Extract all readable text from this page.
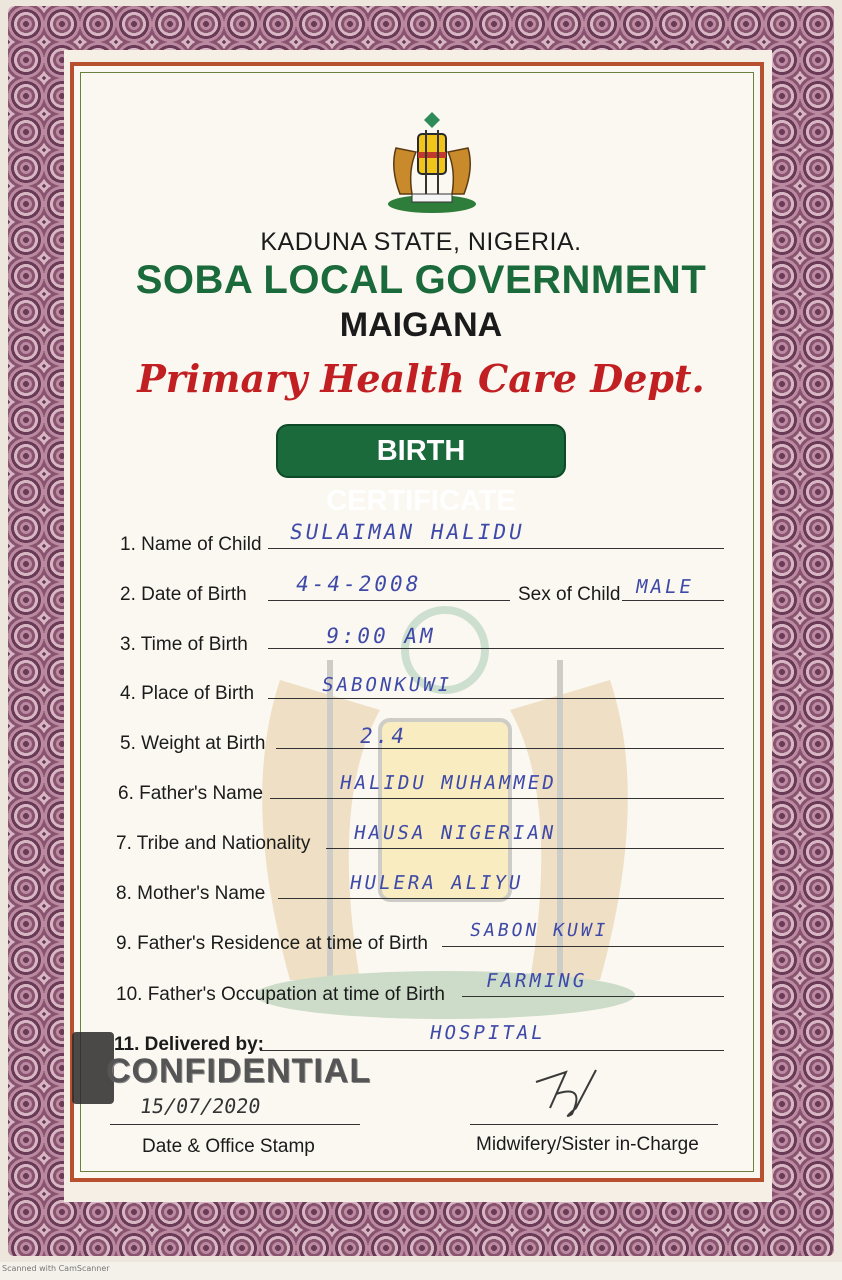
KADUNA STATE, NIGERIA.
SOBA LOCAL GOVERNMENT
MAIGANA
Primary Health Care Dept.
BIRTH CERTIFICATE
1. Name of Child
SULAIMAN HALIDU
2. Date of Birth 4-4-2008	Sex of Child MALE
3. Time of Birth	9:00 AM
4. Place of Birth	SABONKUWI
5. Weight at Birth	2.4
6. Father's Name	HALIDU MUHAMMED
7. Tribe and Nationality HAUSA NIGERIAN
8. Mother's Name	HULERA ALIYU
9. Father's Residence at time of Birth
SABON KUWI
10. Father's Occupation at time of Birth
FARMING
11. Delivered by:
HOSPITAL
CONFIDENTIAL
15/07/2020
Date & Office Stamp	Midwifery/Sister in-Charge
Scanned with CamScanner
